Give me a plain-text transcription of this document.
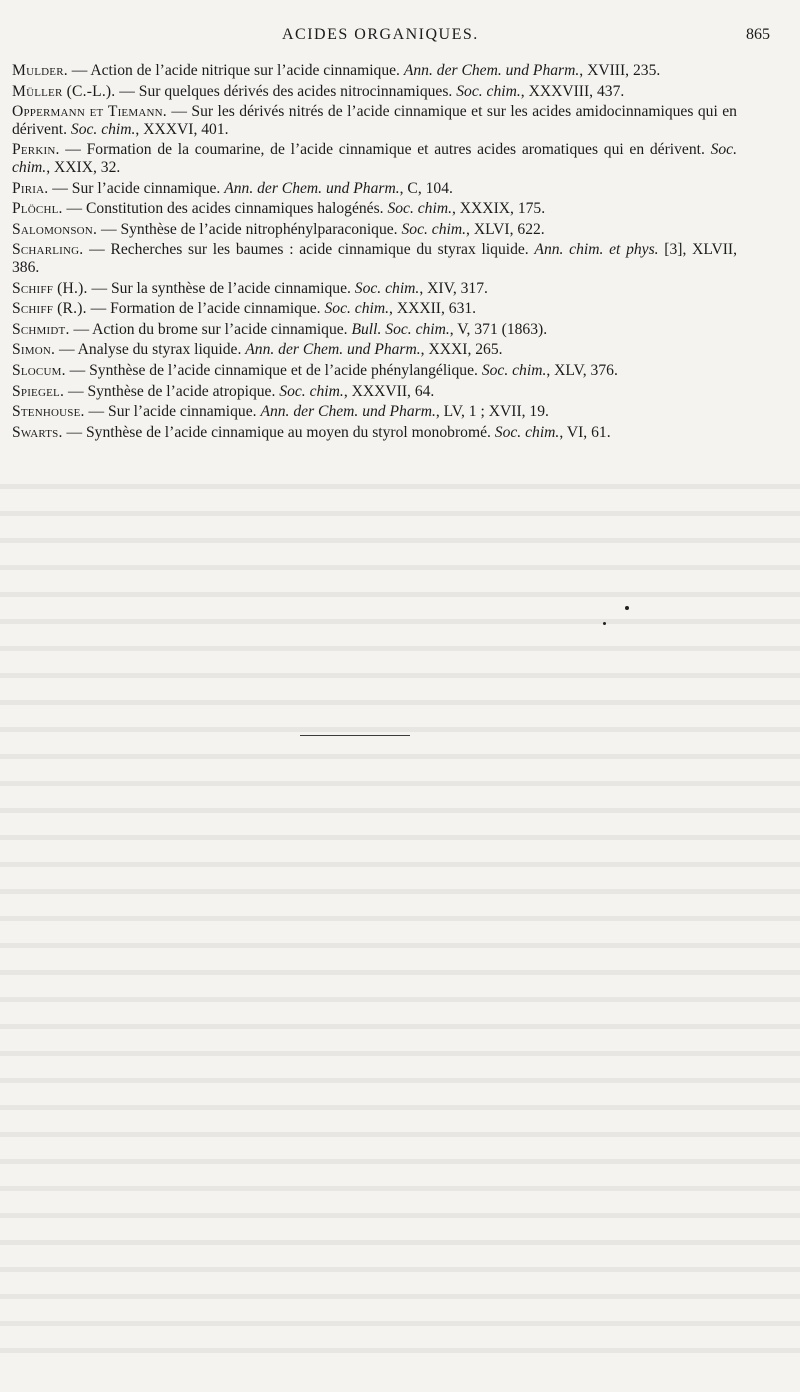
ACIDES ORGANIQUES.	865

Mulder. — Action de l’acide nitrique sur l’acide cinnamique. Ann. der Chem. und Pharm., XVIII, 235.

Müller (C.-L.). — Sur quelques dérivés des acides nitrocinnamiques. Soc. chim., XXXVIII, 437.

Oppermann et Tiemann. — Sur les dérivés nitrés de l’acide cinnamique et sur les acides amidocinnamiques qui en dérivent. Soc. chim., XXXVI, 401.

Perkin. — Formation de la coumarine, de l’acide cinnamique et autres acides aromatiques qui en dérivent. Soc. chim., XXIX, 32.

Piria. — Sur l’acide cinnamique. Ann. der Chem. und Pharm., C, 104.

Plöchl. — Constitution des acides cinnamiques halogénés. Soc. chim., XXXIX, 175.

Salomonson. — Synthèse de l’acide nitrophénylparaconique. Soc. chim., XLVI, 622.

Scharling. — Recherches sur les baumes : acide cinnamique du styrax liquide. Ann. chim. et phys. [3], XLVII, 386.

Schiff (H.). — Sur la synthèse de l’acide cinnamique. Soc. chim., XIV, 317.

Schiff (R.). — Formation de l’acide cinnamique. Soc. chim., XXXII, 631.

Schmidt. — Action du brome sur l’acide cinnamique. Bull. Soc. chim., V, 371 (1863).

Simon. — Analyse du styrax liquide. Ann. der Chem. und Pharm., XXXI, 265.

Slocum. — Synthèse de l’acide cinnamique et de l’acide phénylangélique. Soc. chim., XLV, 376.

Spiegel. — Synthèse de l’acide atropique. Soc. chim., XXXVII, 64.

Stenhouse. — Sur l’acide cinnamique. Ann. der Chem. und Pharm., LV, 1 ; XVII, 19.

Swarts. — Synthèse de l’acide cinnamique au moyen du styrol monobromé. Soc. chim., VI, 61.
